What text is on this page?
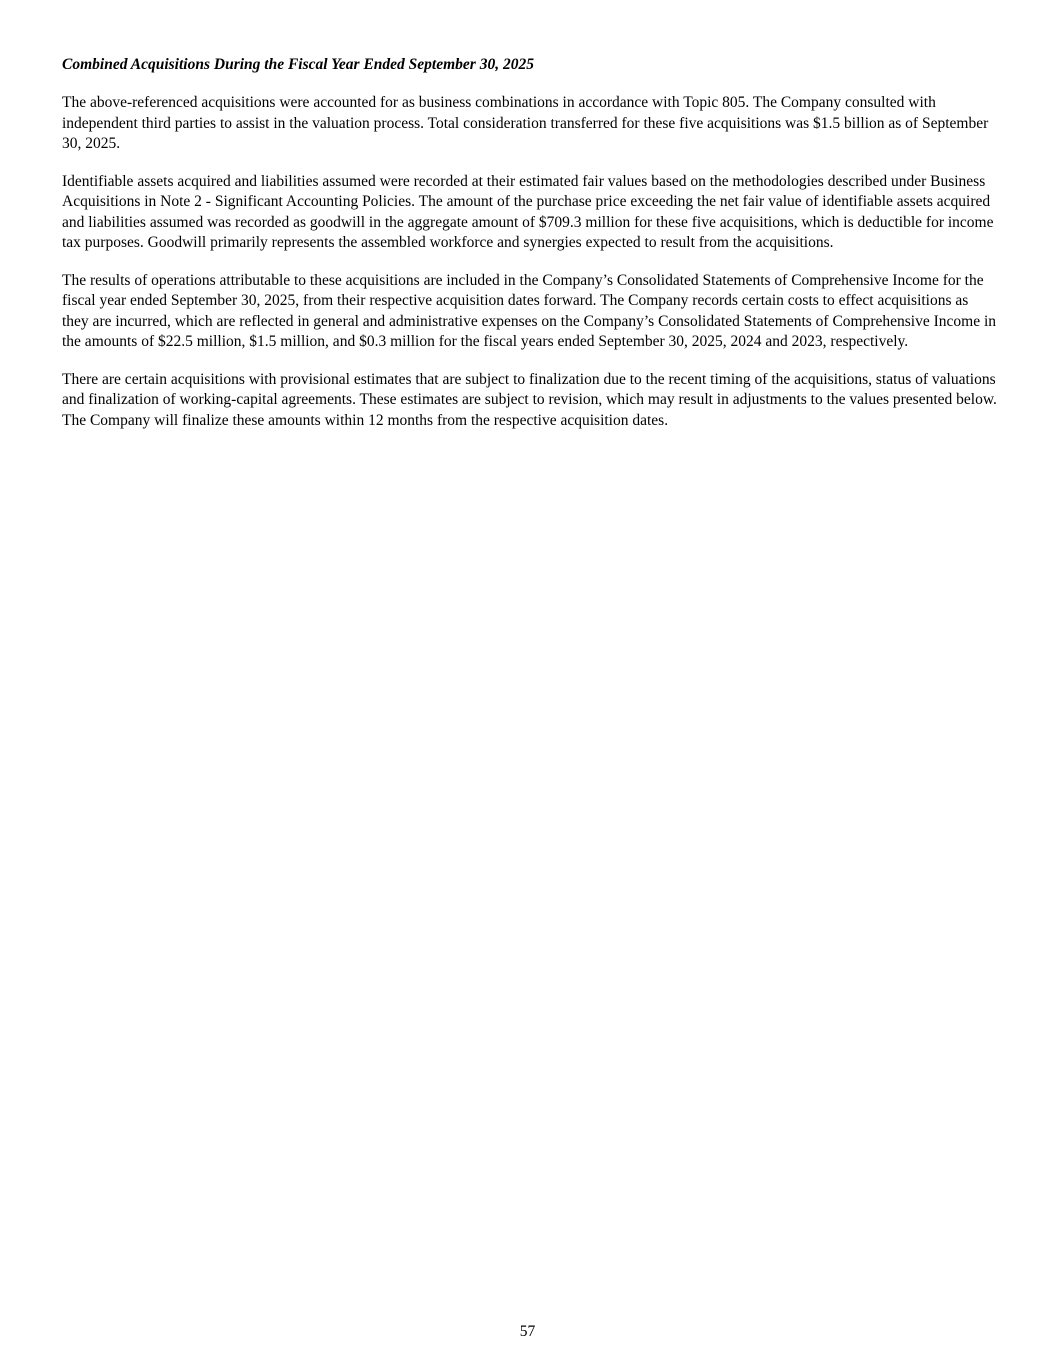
Combined Acquisitions During the Fiscal Year Ended September 30, 2025

The above-referenced acquisitions were accounted for as business combinations in accordance with Topic 805. The Company consulted with independent third parties to assist in the valuation process. Total consideration transferred for these five acquisitions was $1.5 billion as of September 30, 2025.

Identifiable assets acquired and liabilities assumed were recorded at their estimated fair values based on the methodologies described under Business Acquisitions in Note 2 - Significant Accounting Policies. The amount of the purchase price exceeding the net fair value of identifiable assets acquired and liabilities assumed was recorded as goodwill in the aggregate amount of $709.3 million for these five acquisitions, which is deductible for income tax purposes. Goodwill primarily represents the assembled workforce and synergies expected to result from the acquisitions.

The results of operations attributable to these acquisitions are included in the Company’s Consolidated Statements of Comprehensive Income for the fiscal year ended September 30, 2025, from their respective acquisition dates forward. The Company records certain costs to effect acquisitions as they are incurred, which are reflected in general and administrative expenses on the Company’s Consolidated Statements of Comprehensive Income in the amounts of $22.5 million, $1.5 million, and $0.3 million for the fiscal years ended September 30, 2025, 2024 and 2023, respectively.

There are certain acquisitions with provisional estimates that are subject to finalization due to the recent timing of the acquisitions, status of valuations and finalization of working-capital agreements. These estimates are subject to revision, which may result in adjustments to the values presented below. The Company will finalize these amounts within 12 months from the respective acquisition dates.

57
